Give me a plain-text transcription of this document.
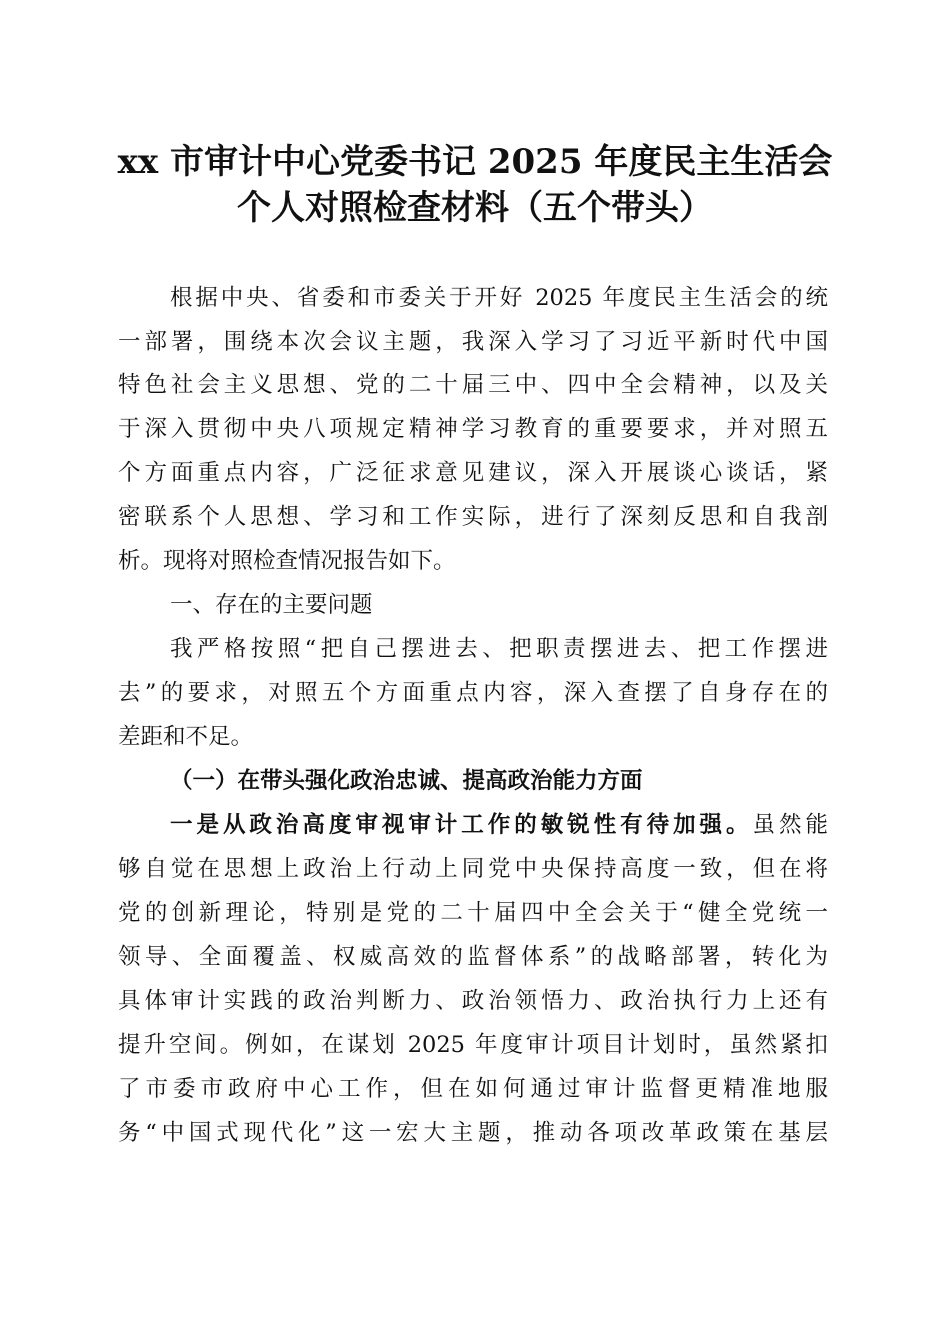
xx 市审计中心党委书记 2025 年度民主生活会
个人对照检查材料（五个带头）
根据中央、省委和市委关于开好 2025 年度民主生活会的统
一部署，围绕本次会议主题，我深入学习了习近平新时代中国
特色社会主义思想、党的二十届三中、四中全会精神，以及关
于深入贯彻中央八项规定精神学习教育的重要要求，并对照五
个方面重点内容，广泛征求意见建议，深入开展谈心谈话，紧
密联系个人思想、学习和工作实际，进行了深刻反思和自我剖
析。现将对照检查情况报告如下。
一、存在的主要问题
我严格按照“把自己摆进去、把职责摆进去、把工作摆进
去”的要求，对照五个方面重点内容，深入查摆了自身存在的
差距和不足。
（一）在带头强化政治忠诚、提高政治能力方面
一是从政治高度审视审计工作的敏锐性有待加强。虽然能
够自觉在思想上政治上行动上同党中央保持高度一致，但在将
党的创新理论，特别是党的二十届四中全会关于“健全党统一
领导、全面覆盖、权威高效的监督体系”的战略部署，转化为
具体审计实践的政治判断力、政治领悟力、政治执行力上还有
提升空间。例如，在谋划 2025 年度审计项目计划时，虽然紧扣
了市委市政府中心工作，但在如何通过审计监督更精准地服
务“中国式现代化”这一宏大主题，推动各项改革政策在基层
